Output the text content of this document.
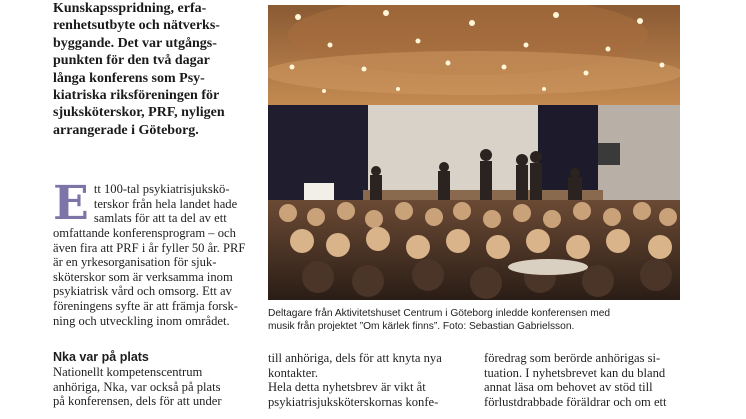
Kunskapsspridning, erfa-
renhetsutbyte och nätverks-
byggande. Det var utgångs-
punkten för den två dagar
långa konferens som Psy-
kiatriska riksföreningen för
sjuksköterskor, PRF, nyligen
arrangerade i Göteborg.

E tt 100-tal psykiatrisjukskö-
terskor från hela landet hade
samlats för att ta del av ett
omfattande konferensprogram – och
även fira att PRF i år fyller 50 år. PRF
är en yrkesorganisation för sjuk-
sköterskor som är verksamma inom
psykiatrisk vård och omsorg. Ett av
föreningens syfte är att främja forsk-
ning och utveckling inom området.

Nka var på plats

Nationellt kompetenscentrum
anhöriga, Nka, var också på plats
på konferensen, dels för att under

Deltagare från Aktivitetshuset Centrum i Göteborg inledde konferensen med
musik från projektet ”Om kärlek finns”. Foto: Sebastian Gabrielsson.

till anhöriga, dels för att knyta nya
kontakter.
Hela detta nyhetsbrev är vikt åt
psykiatrisjuksköterskornas konfe-

föredrag som berörde anhörigas si-
tuation. I nyhetsbrevet kan du bland
annat läsa om behovet av stöd till
förlustdrabbade föräldrar och om ett
